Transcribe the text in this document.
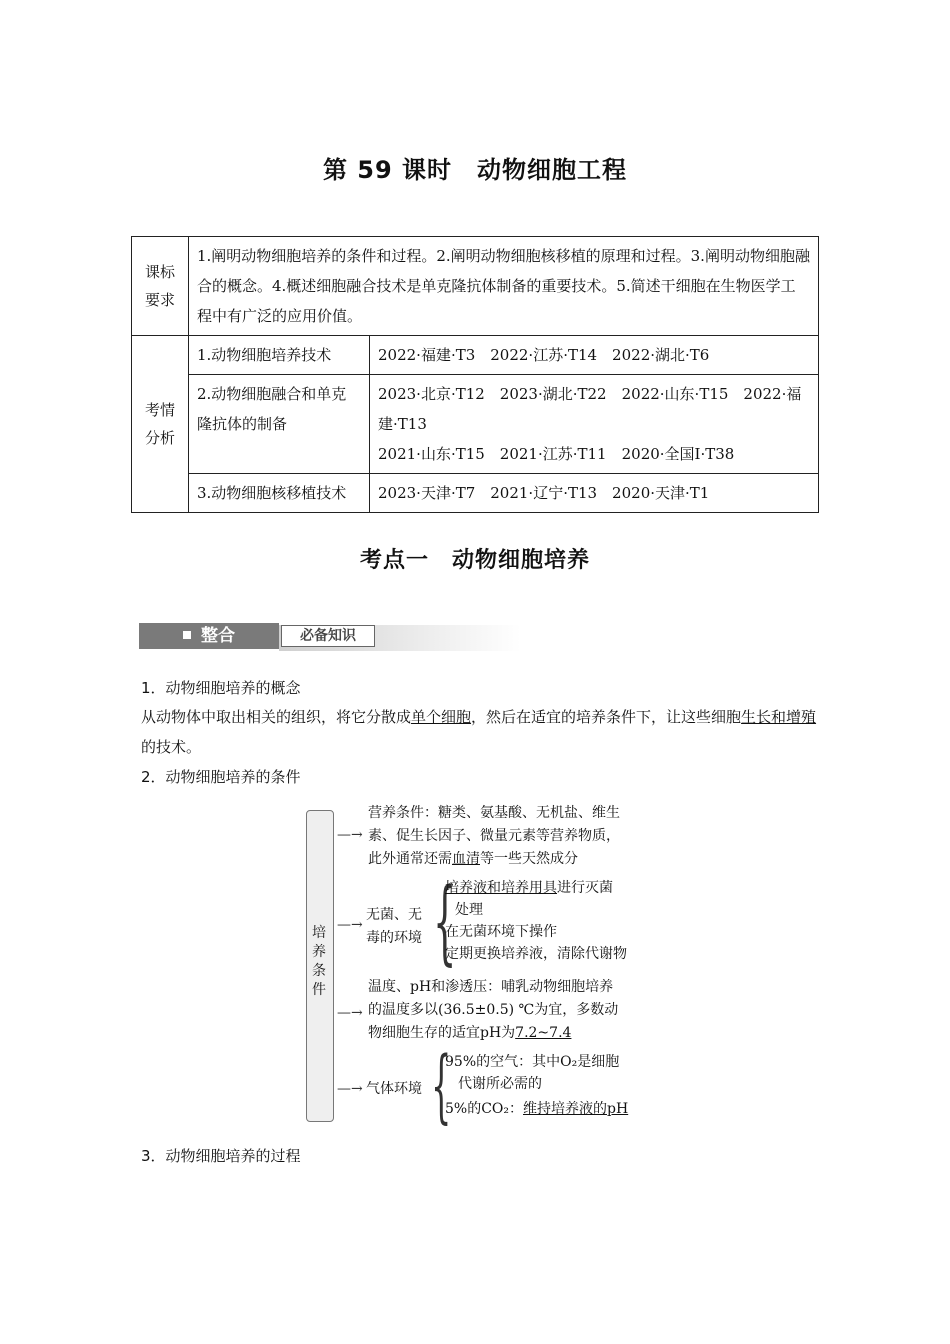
第 59 课时　动物细胞工程
课标要求	1.阐明动物细胞培养的条件和过程。2.阐明动物细胞核移植的原理和过程。3.阐明动物细胞融合的概念。4.概述细胞融合技术是单克隆抗体制备的重要技术。5.简述干细胞在生物医学工程中有广泛的应用价值。	
考情分析	1.动物细胞培养技术	2022·福建·T3　2022·江苏·T14　2022·湖北·T6

	2.动物细胞融合和单克隆抗体的制备	2023·北京·T12　2023·湖北·T22　2022·山东·T15　2022·福建·T13
2021·山东·T15　2021·江苏·T11　2020·全国Ⅰ·T38

	3.动物细胞核移植技术	2023·天津·T7　2021·辽宁·T13　2020·天津·T1
考点一　动物细胞培养
整合	必备知识
1．动物细胞培养的概念
从动物体中取出相关的组织，将它分散成单个细胞，然后在适宜的培养条件下，让这些细胞生长和增殖的技术。
2．动物细胞培养的条件
培养条件
—→
营养条件：糖类、氨基酸、无机盐、维生
素、促生长因子、微量元素等营养物质，
此外通常还需血清等一些天然成分
—→
无菌、无
毒的环境 {
培养液和培养用具进行灭菌
处理
在无菌环境下操作
定期更换培养液，清除代谢物
—→
温度、pH和渗透压：哺乳动物细胞培养
的温度多以(36.5±0.5) ℃为宜，多数动
物细胞生存的适宜pH为7.2~7.4
—→ 气体环境 {
95%的空气：其中O₂是细胞
代谢所必需的
5%的CO₂：维持培养液的pH
3．动物细胞培养的过程
